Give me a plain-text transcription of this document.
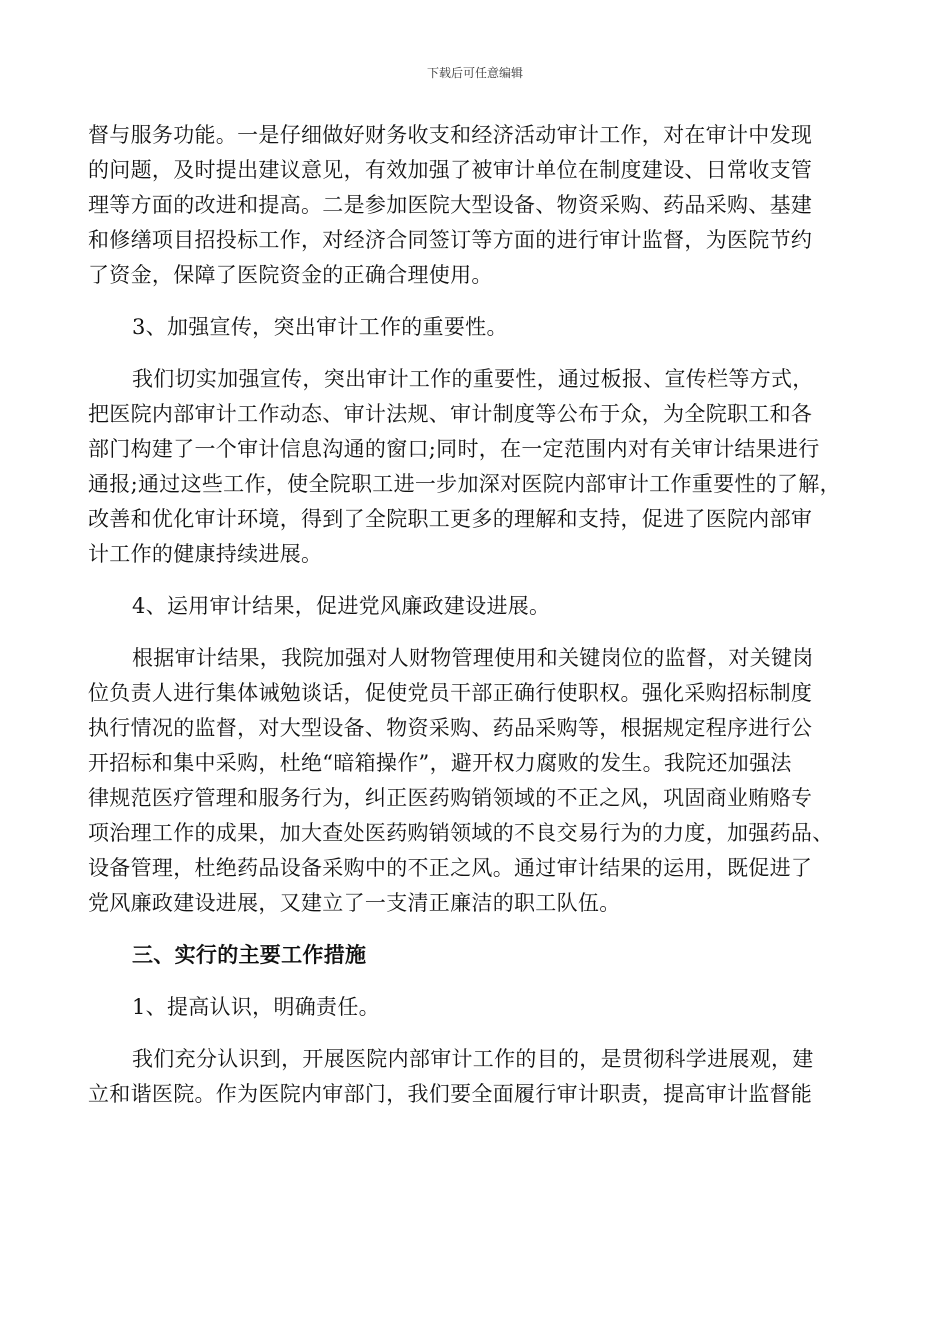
下载后可任意编辑
督与服务功能。一是仔细做好财务收支和经济活动审计工作，对在审计中发现
的问题，及时提出建议意见，有效加强了被审计单位在制度建设、日常收支管
理等方面的改进和提高。二是参加医院大型设备、物资采购、药品采购、基建
和修缮项目招投标工作，对经济合同签订等方面的进行审计监督，为医院节约
了资金，保障了医院资金的正确合理使用。
3、加强宣传，突出审计工作的重要性。
我们切实加强宣传，突出审计工作的重要性，通过板报、宣传栏等方式，
把医院内部审计工作动态、审计法规、审计制度等公布于众，为全院职工和各
部门构建了一个审计信息沟通的窗口;同时，在一定范围内对有关审计结果进行
通报;通过这些工作，使全院职工进一步加深对医院内部审计工作重要性的了解，
改善和优化审计环境，得到了全院职工更多的理解和支持，促进了医院内部审
计工作的健康持续进展。
4、运用审计结果，促进党风廉政建设进展。
根据审计结果，我院加强对人财物管理使用和关键岗位的监督，对关键岗
位负责人进行集体诫勉谈话，促使党员干部正确行使职权。强化采购招标制度
执行情况的监督，对大型设备、物资采购、药品采购等，根据规定程序进行公
开招标和集中采购，杜绝“暗箱操作”，避开权力腐败的发生。我院还加强法
律规范医疗管理和服务行为，纠正医药购销领域的不正之风，巩固商业贿赂专
项治理工作的成果，加大查处医药购销领域的不良交易行为的力度，加强药品、
设备管理，杜绝药品设备采购中的不正之风。通过审计结果的运用，既促进了
党风廉政建设进展，又建立了一支清正廉洁的职工队伍。
三、实行的主要工作措施
1、提高认识，明确责任。
我们充分认识到，开展医院内部审计工作的目的，是贯彻科学进展观，建
立和谐医院。作为医院内审部门，我们要全面履行审计职责，提高审计监督能
